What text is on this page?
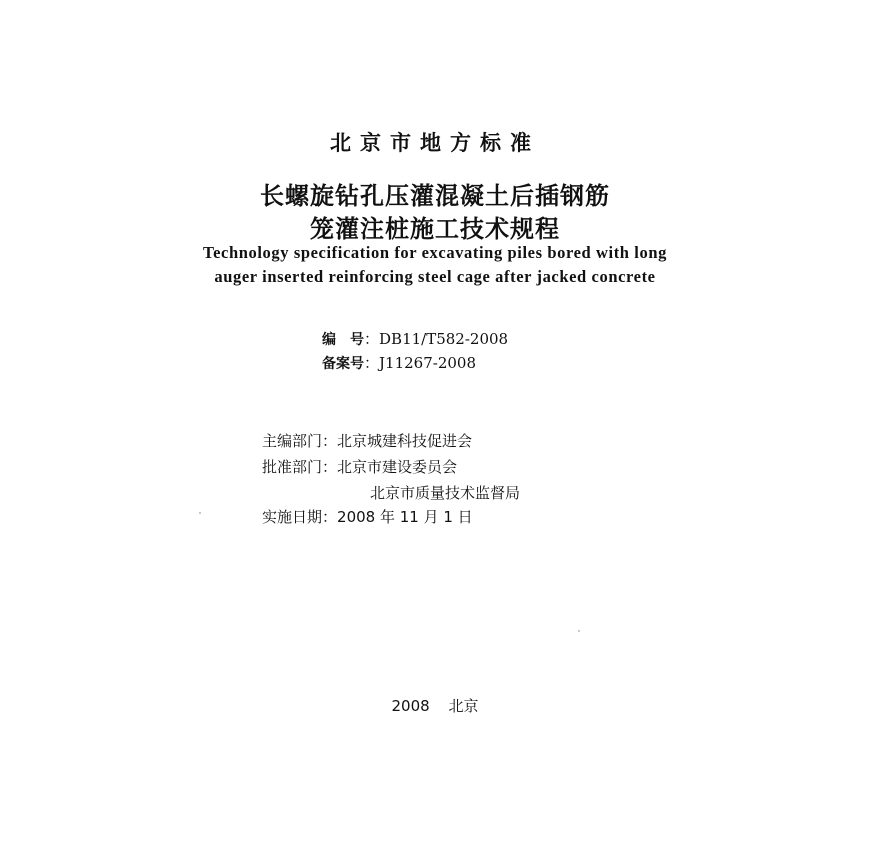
北京市地方标准
长螺旋钻孔压灌混凝土后插钢筋
笼灌注桩施工技术规程
Technology specification for excavating piles bored with long
auger inserted reinforcing steel cage after jacked concrete
编　号：DB11/T582-2008
备案号：J11267-2008
主编部门：北京城建科技促进会
批准部门：北京市建设委员会
北京市质量技术监督局
实施日期：2008 年 11 月 1 日
2008 北京
